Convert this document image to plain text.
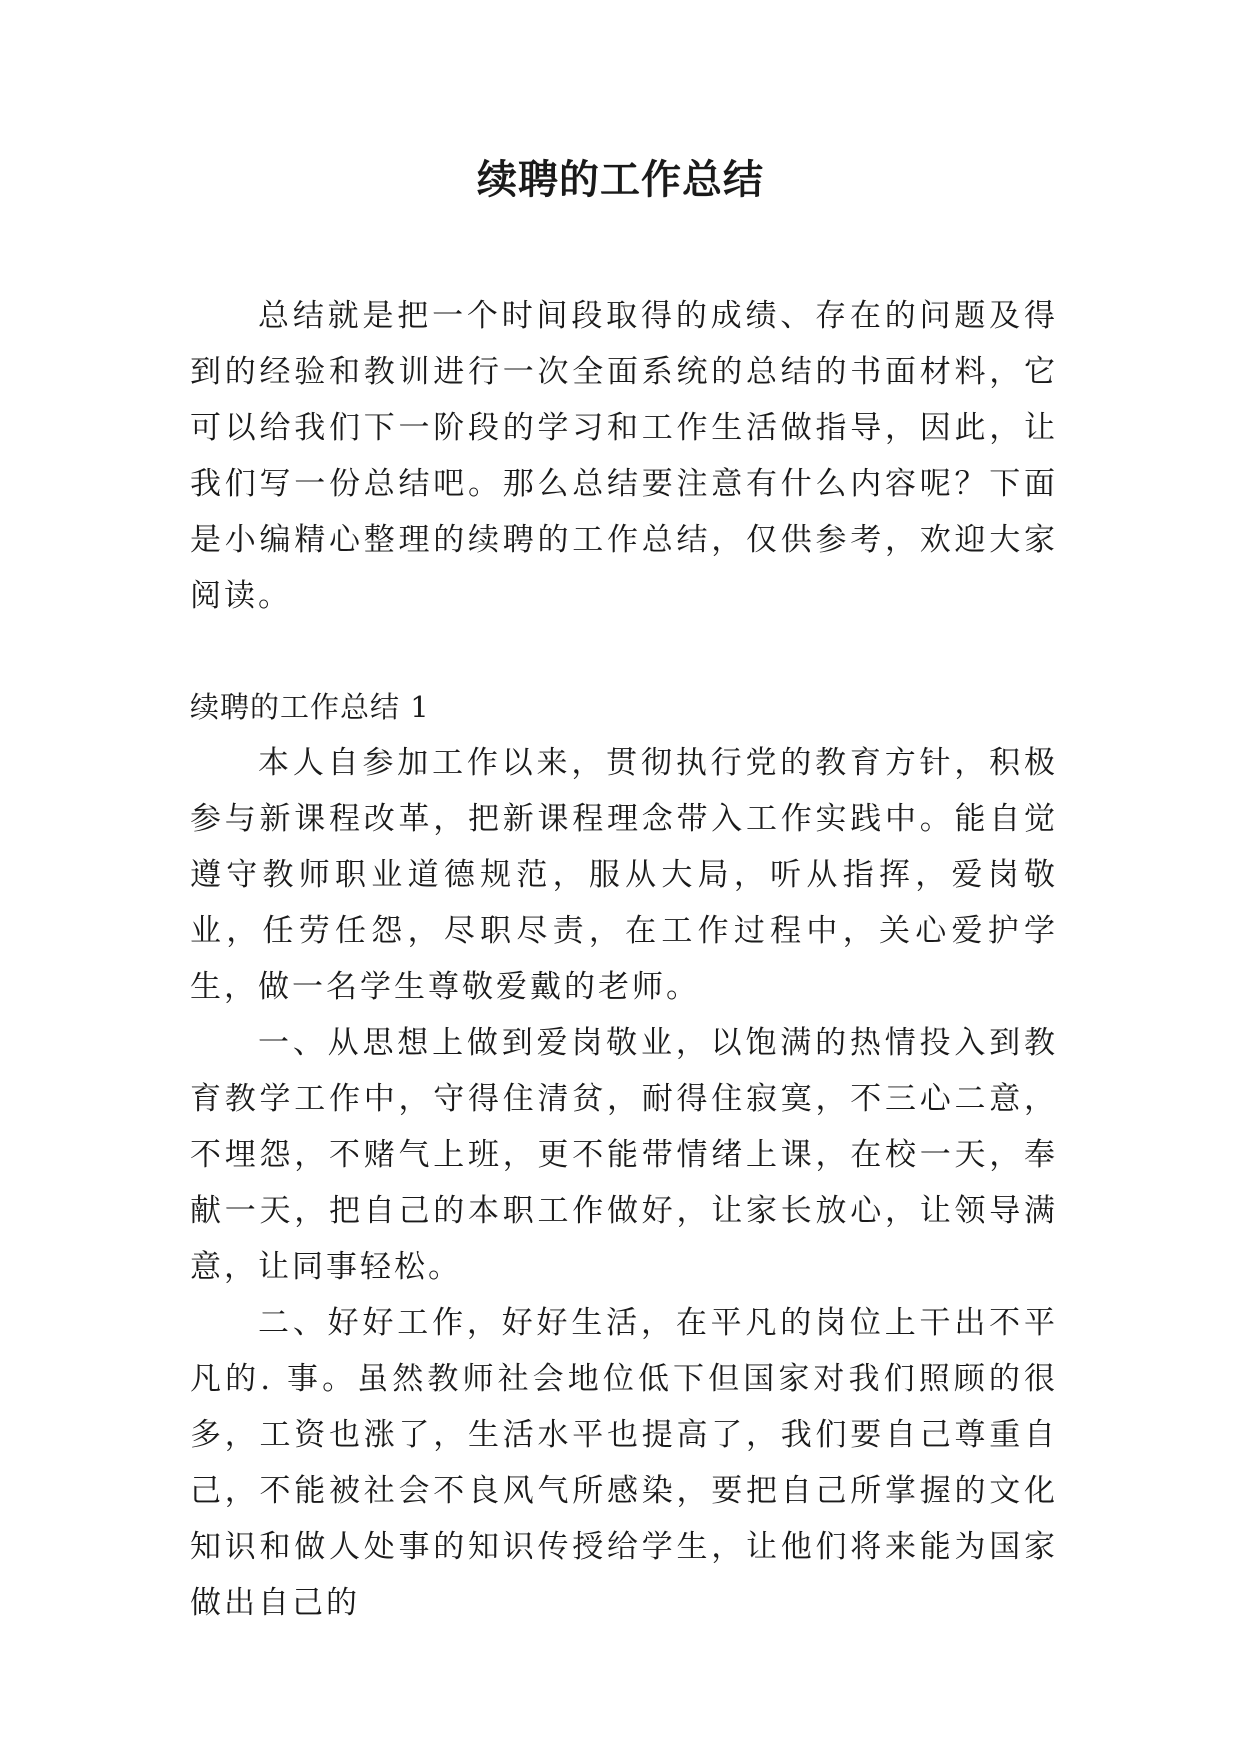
续聘的工作总结

总结就是把一个时间段取得的成绩、存在的问题及得到的经验和教训进行一次全面系统的总结的书面材料，它可以给我们下一阶段的学习和工作生活做指导，因此，让我们写一份总结吧。那么总结要注意有什么内容呢？下面是小编精心整理的续聘的工作总结，仅供参考，欢迎大家阅读。

续聘的工作总结 1

本人自参加工作以来，贯彻执行党的教育方针，积极参与新课程改革，把新课程理念带入工作实践中。能自觉遵守教师职业道德规范，服从大局，听从指挥，爱岗敬业，任劳任怨，尽职尽责，在工作过程中，关心爱护学生，做一名学生尊敬爱戴的老师。

一、从思想上做到爱岗敬业，以饱满的热情投入到教育教学工作中，守得住清贫，耐得住寂寞，不三心二意，不埋怨，不赌气上班，更不能带情绪上课，在校一天，奉献一天，把自己的本职工作做好，让家长放心，让领导满意，让同事轻松。

二、好好工作，好好生活，在平凡的岗位上干出不平凡的. 事。虽然教师社会地位低下但国家对我们照顾的很多，工资也涨了，生活水平也提高了，我们要自己尊重自己，不能被社会不良风气所感染，要把自己所掌握的文化知识和做人处事的知识传授给学生，让他们将来能为国家做出自己的
